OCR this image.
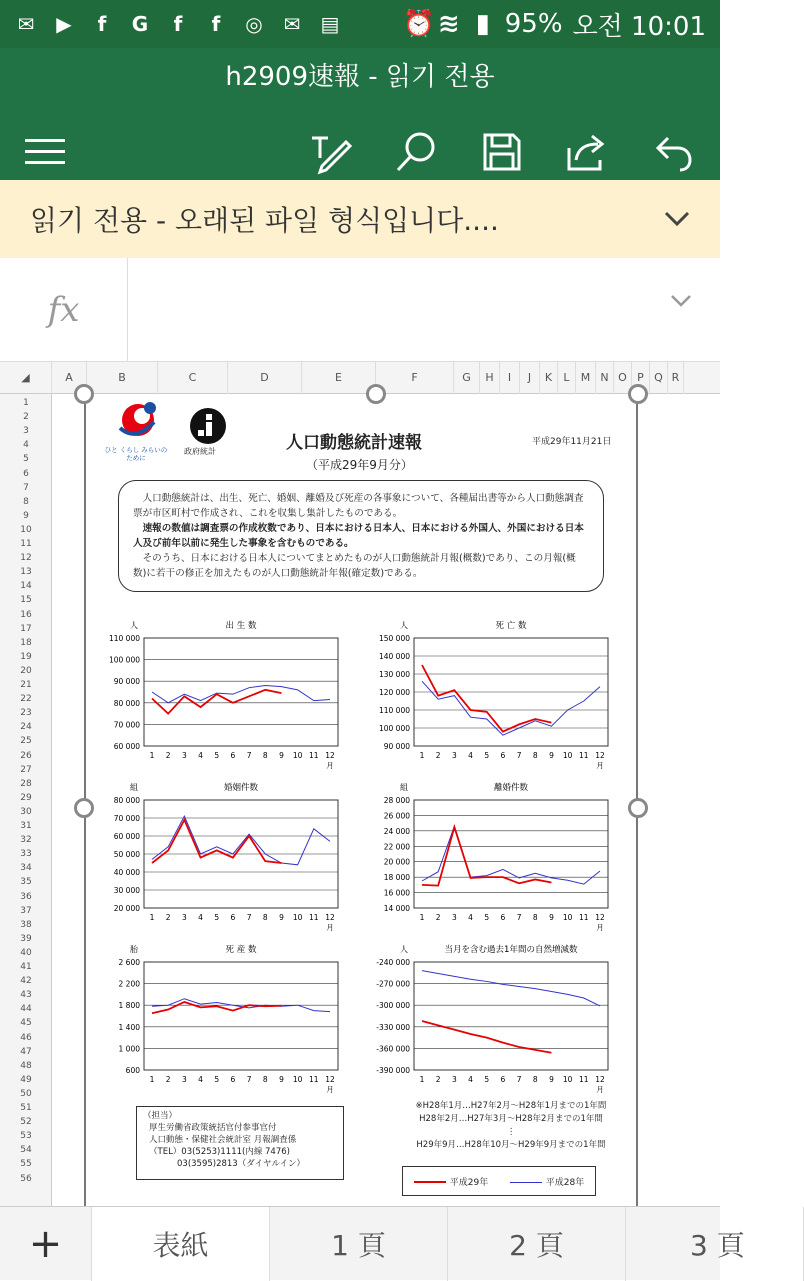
✉ ▶	f	G	f	f	◎ ✉ ▤ ⏰ ≋ ▮ 95% 오전 10:01
h2909速報 - 읽기 전용
읽기 전용 - 오래된 파일 형식입니다....
fx
◢	A	B	C	D	E	F	G	H	I	J	K	L	M N O P Q R
1
2
3
4
5
6
7
8
9
10
11
12
13
14
15
16
17
18
19
20
21
22
23
24
25
26
27
28
29
30
31
32
33
34
35
36
37
38
39
40
41
42
43
44
45
46
47
48
49
50
51
52
53
54
55
56
ひと くらし みらいのために
政府統計	人口動態統計速報	平成29年11月21日
（平成29年9月分）

人口動態統計は、出生、死亡、婚姻、離婚及び死産の各事象について、各種届出書等から人口動態調査票が市区町村で作成され、これを収集し集計したものである。

速報の数値は調査票の作成枚数であり、日本における日本人、日本における外国人、外国における日本人及び前年以前に発生した事象を含むものである。

そのうち、日本における日本人についてまとめたものが人口動態統計月報(概数)であり、この月報(概数)に若干の修正を加えたものが人口動態統計年報(確定数)である。

出 生 数
人
60 000
70 000
80 000
90 000
100 000
110 000
1 2 3 4 5 6 7 8 9 10 11 12
月
死 亡 数
人
90 000
100 000
110 000
120 000
130 000
140 000
150 000
1 2 3 4 5 6 7 8 9 10 11 12
月
婚姻件数
組
20 000
30 000
40 000
50 000
60 000
70 000
80 000
1 2 3 4 5 6 7 8 9 10 11 12
月
離婚件数
組
14 000
16 000
18 000
20 000
22 000
24 000
26 000
28 000
1 2 3 4 5 6 7 8 9 10 11 12
月
死 産 数
胎
600
1 000
1 400
1 800
2 200
2 600
1 2 3 4 5 6 7 8 9 10 11 12
月
当月を含む過去1年間の自然増減数
人
-390 000
-360 000
-330 000
-300 000
-270 000
-240 000
1 2 3 4 5 6 7 8 9 10 11 12
月
（担当）
厚生労働省政策統括官付参事官付
人口動態・保健社会統計室 月報調査係
（TEL）03(5253)1111(内線 7476)
03(3595)2813（ダイヤルイン）
※H28年1月…H27年2月～H28年1月までの1年間
H28年2月…H27年3月～H28年2月までの1年間
⋮
H29年9月…H28年10月～H29年9月までの1年間
平成29年	平成28年
+	表紙	1 頁	2 頁	3 頁
